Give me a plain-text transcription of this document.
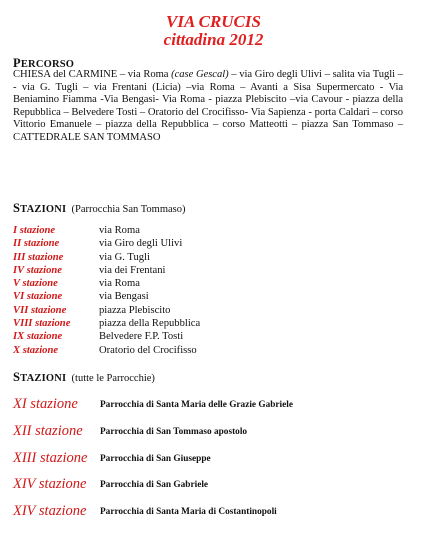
VIA CRUCIS
cittadina 2012
PERCORSO
CHIESA del CARMINE – via Roma (case Gescal) – via Giro degli Ulivi – salita via Tugli – - via G. Tugli – via Frentani (Licia) –via Roma – Avanti a Sisa Supermercato - Via Beniamino Fiamma -Via Bengasi- Via Roma - piazza Plebiscito –via Cavour - piazza della Repubblica – Belvedere Tosti – Oratorio del Crocifisso- Via Sapienza - porta Caldari – corso Vittorio Emanuele – piazza della Repubblica – corso Matteotti – piazza San Tommaso – CATTEDRALE SAN TOMMASO
STAZIONI (Parrocchia San Tommaso)
I stazione	via Roma
II stazione	via Giro degli Ulivi
III stazione	via G. Tugli
IV stazione	via dei Frentani
V stazione	via Roma
VI stazione	via Bengasi
VII stazione	piazza Plebiscito
VIII stazione	piazza della Repubblica
IX stazione	Belvedere F.P. Tosti
X stazione	Oratorio del Crocifisso
STAZIONI (tutte le Parrocchie)
XI stazione Parrocchia di Santa Maria delle Grazie Gabriele
XII stazione Parrocchia di San Tommaso apostolo
XIII stazione Parrocchia di San Giuseppe
XIV stazione Parrocchia di San Gabriele
XIV stazione Parrocchia di Santa Maria di Costantinopoli
